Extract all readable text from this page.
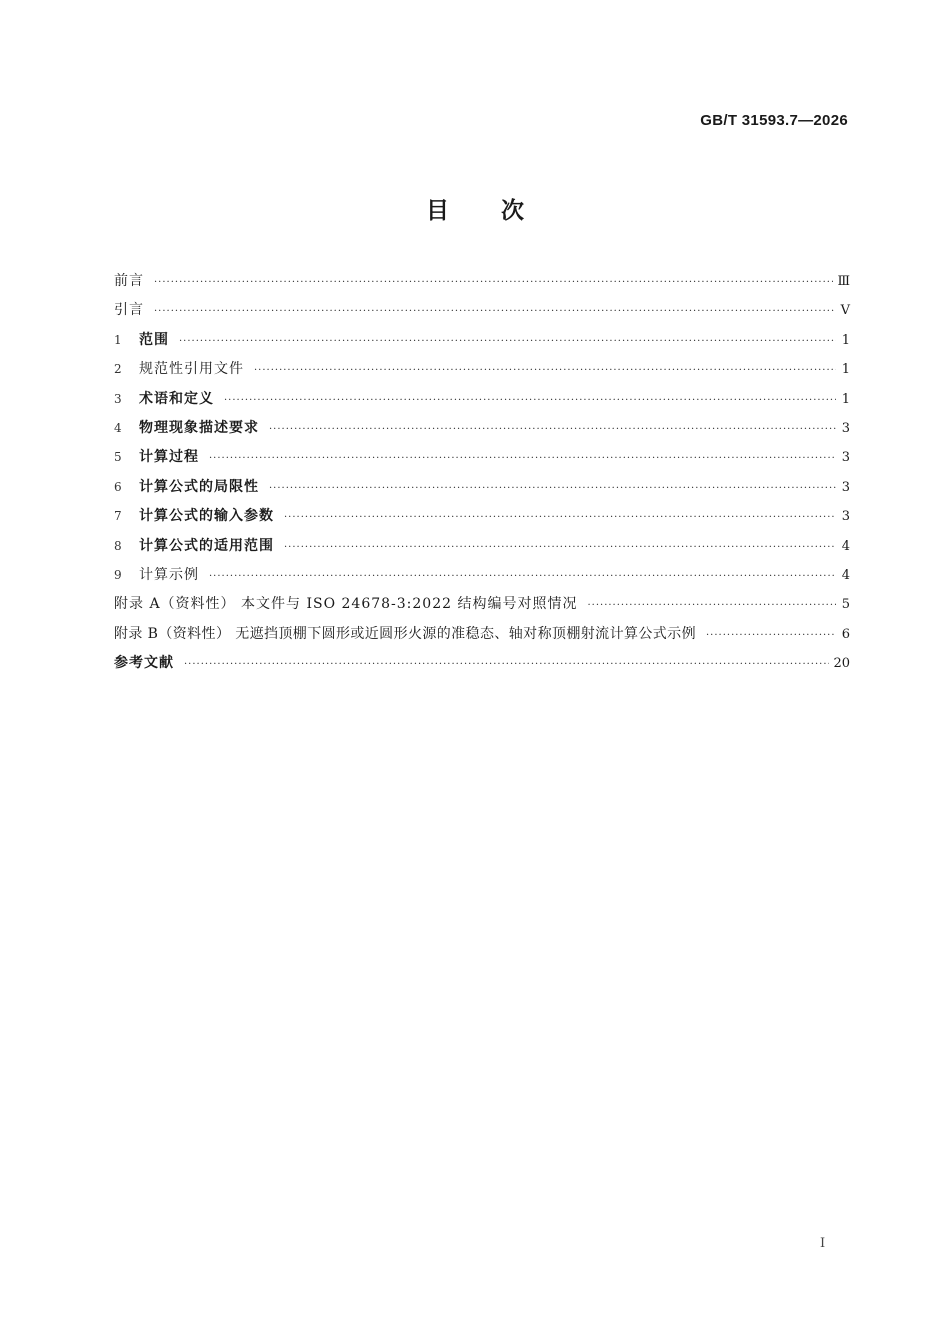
GB/T 31593.7—2026
目 次
前言 ·····	Ⅲ
引言 ·····	Ⅴ
1	范围 ·····	1
2	规范性引用文件 ·····	1
3	术语和定义 ·····	1
4	物理现象描述要求 ·····	3
5	计算过程 ·····	3
6	计算公式的局限性 ·····	3
7	计算公式的输入参数 ·····	3
8	计算公式的适用范围 ·····	4
9	计算示例 ·····	4
附录 A（资料性） 本文件与 ISO 24678-3:2022 结构编号对照情况 ·····	5
附录 B（资料性） 无遮挡顶棚下圆形或近圆形火源的准稳态、轴对称顶棚射流计算公式示例 ·····	6
参考文献 ·····	20
Ⅰ
